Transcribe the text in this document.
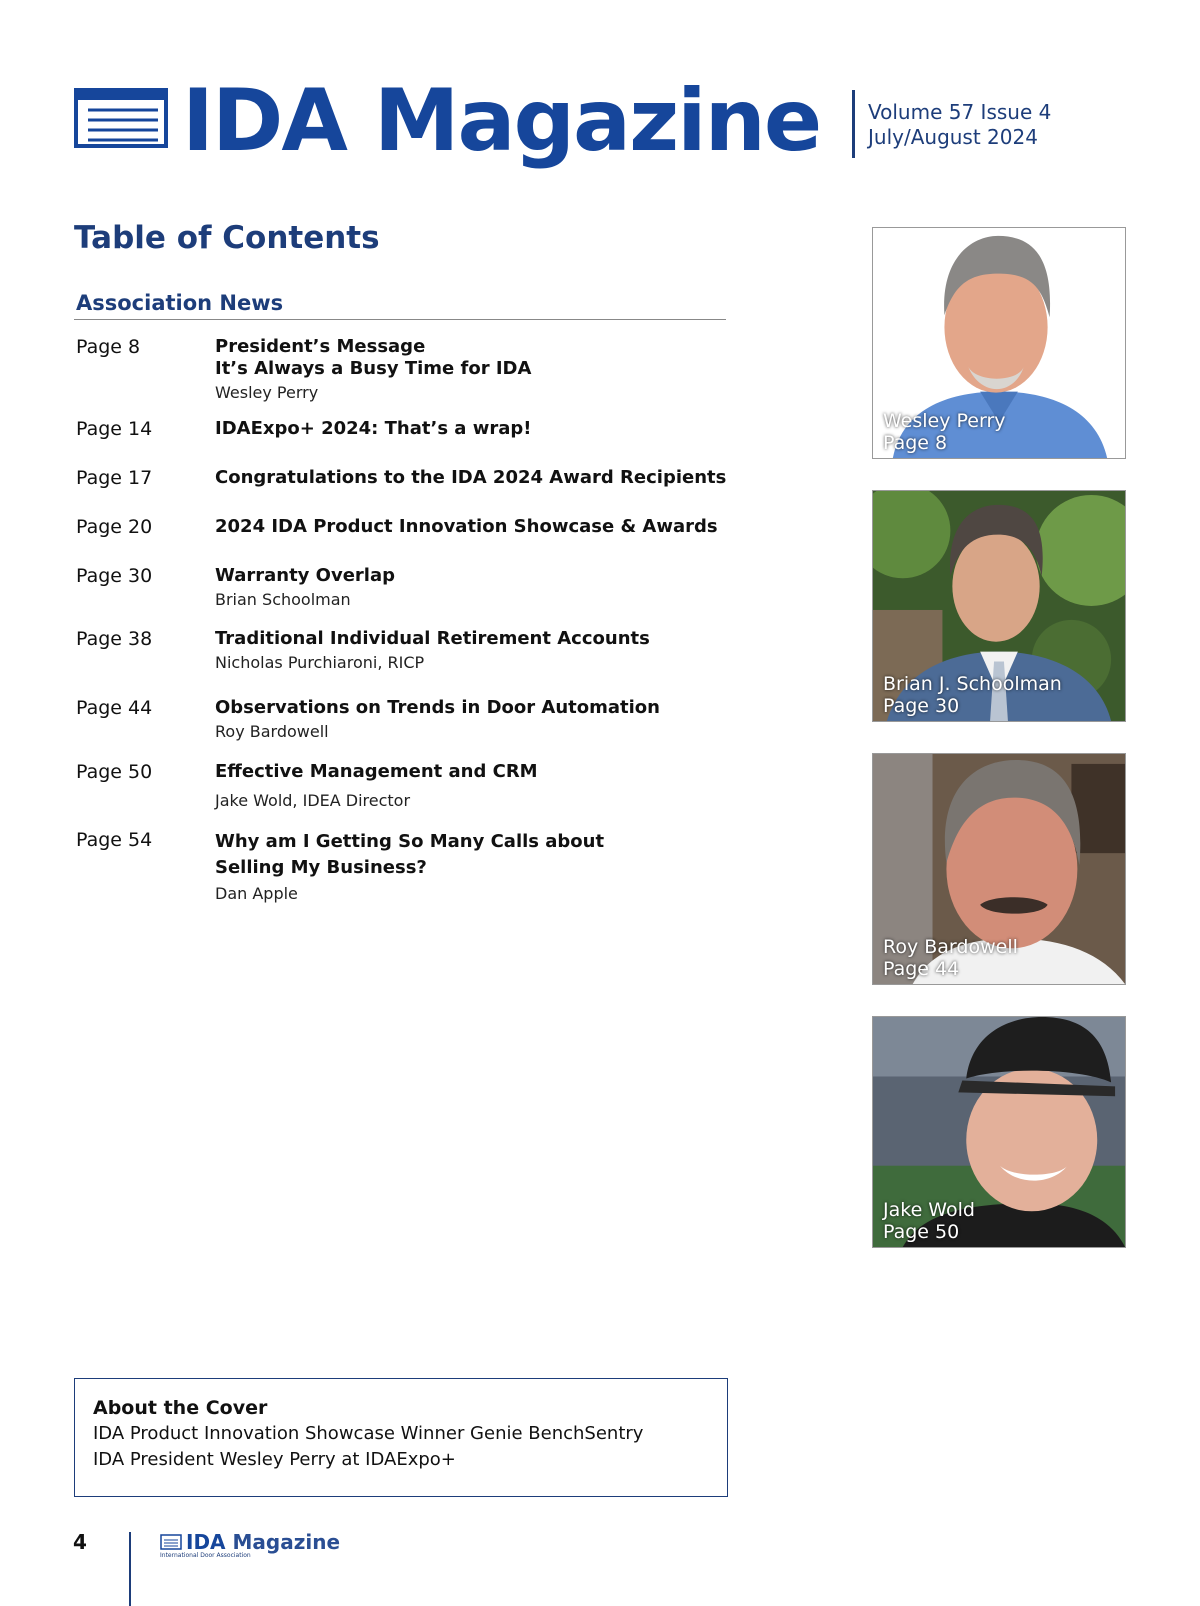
IDA Magazine Volume 57 Issue 4
July/August 2024
Table of Contents
Association News
Page 8	President’s Message
It’s Always a Busy Time for IDA
Wesley Perry
Page 14	IDAExpo+ 2024: That’s a wrap!
Page 17	Congratulations to the IDA 2024 Award Recipients
Page 20	2024 IDA Product Innovation Showcase & Awards
Page 30	Warranty Overlap
Brian Schoolman
Page 38	Traditional Individual Retirement Accounts
Nicholas Purchiaroni, RICP
Page 44	Observations on Trends in Door Automation
Roy Bardowell
Page 50	Effective Management and CRM
Jake Wold, IDEA Director
Page 54	Why am I Getting So Many Calls about
Selling My Business?
Dan Apple
Wesley Perry
Page 8
Brian J. Schoolman
Page 30
Roy Bardowell
Page 44
Jake Wold
Page 50
About the Cover
IDA Product Innovation Showcase Winner Genie BenchSentry
IDA President Wesley Perry at IDAExpo+
4	IDA Magazine
International Door Association
